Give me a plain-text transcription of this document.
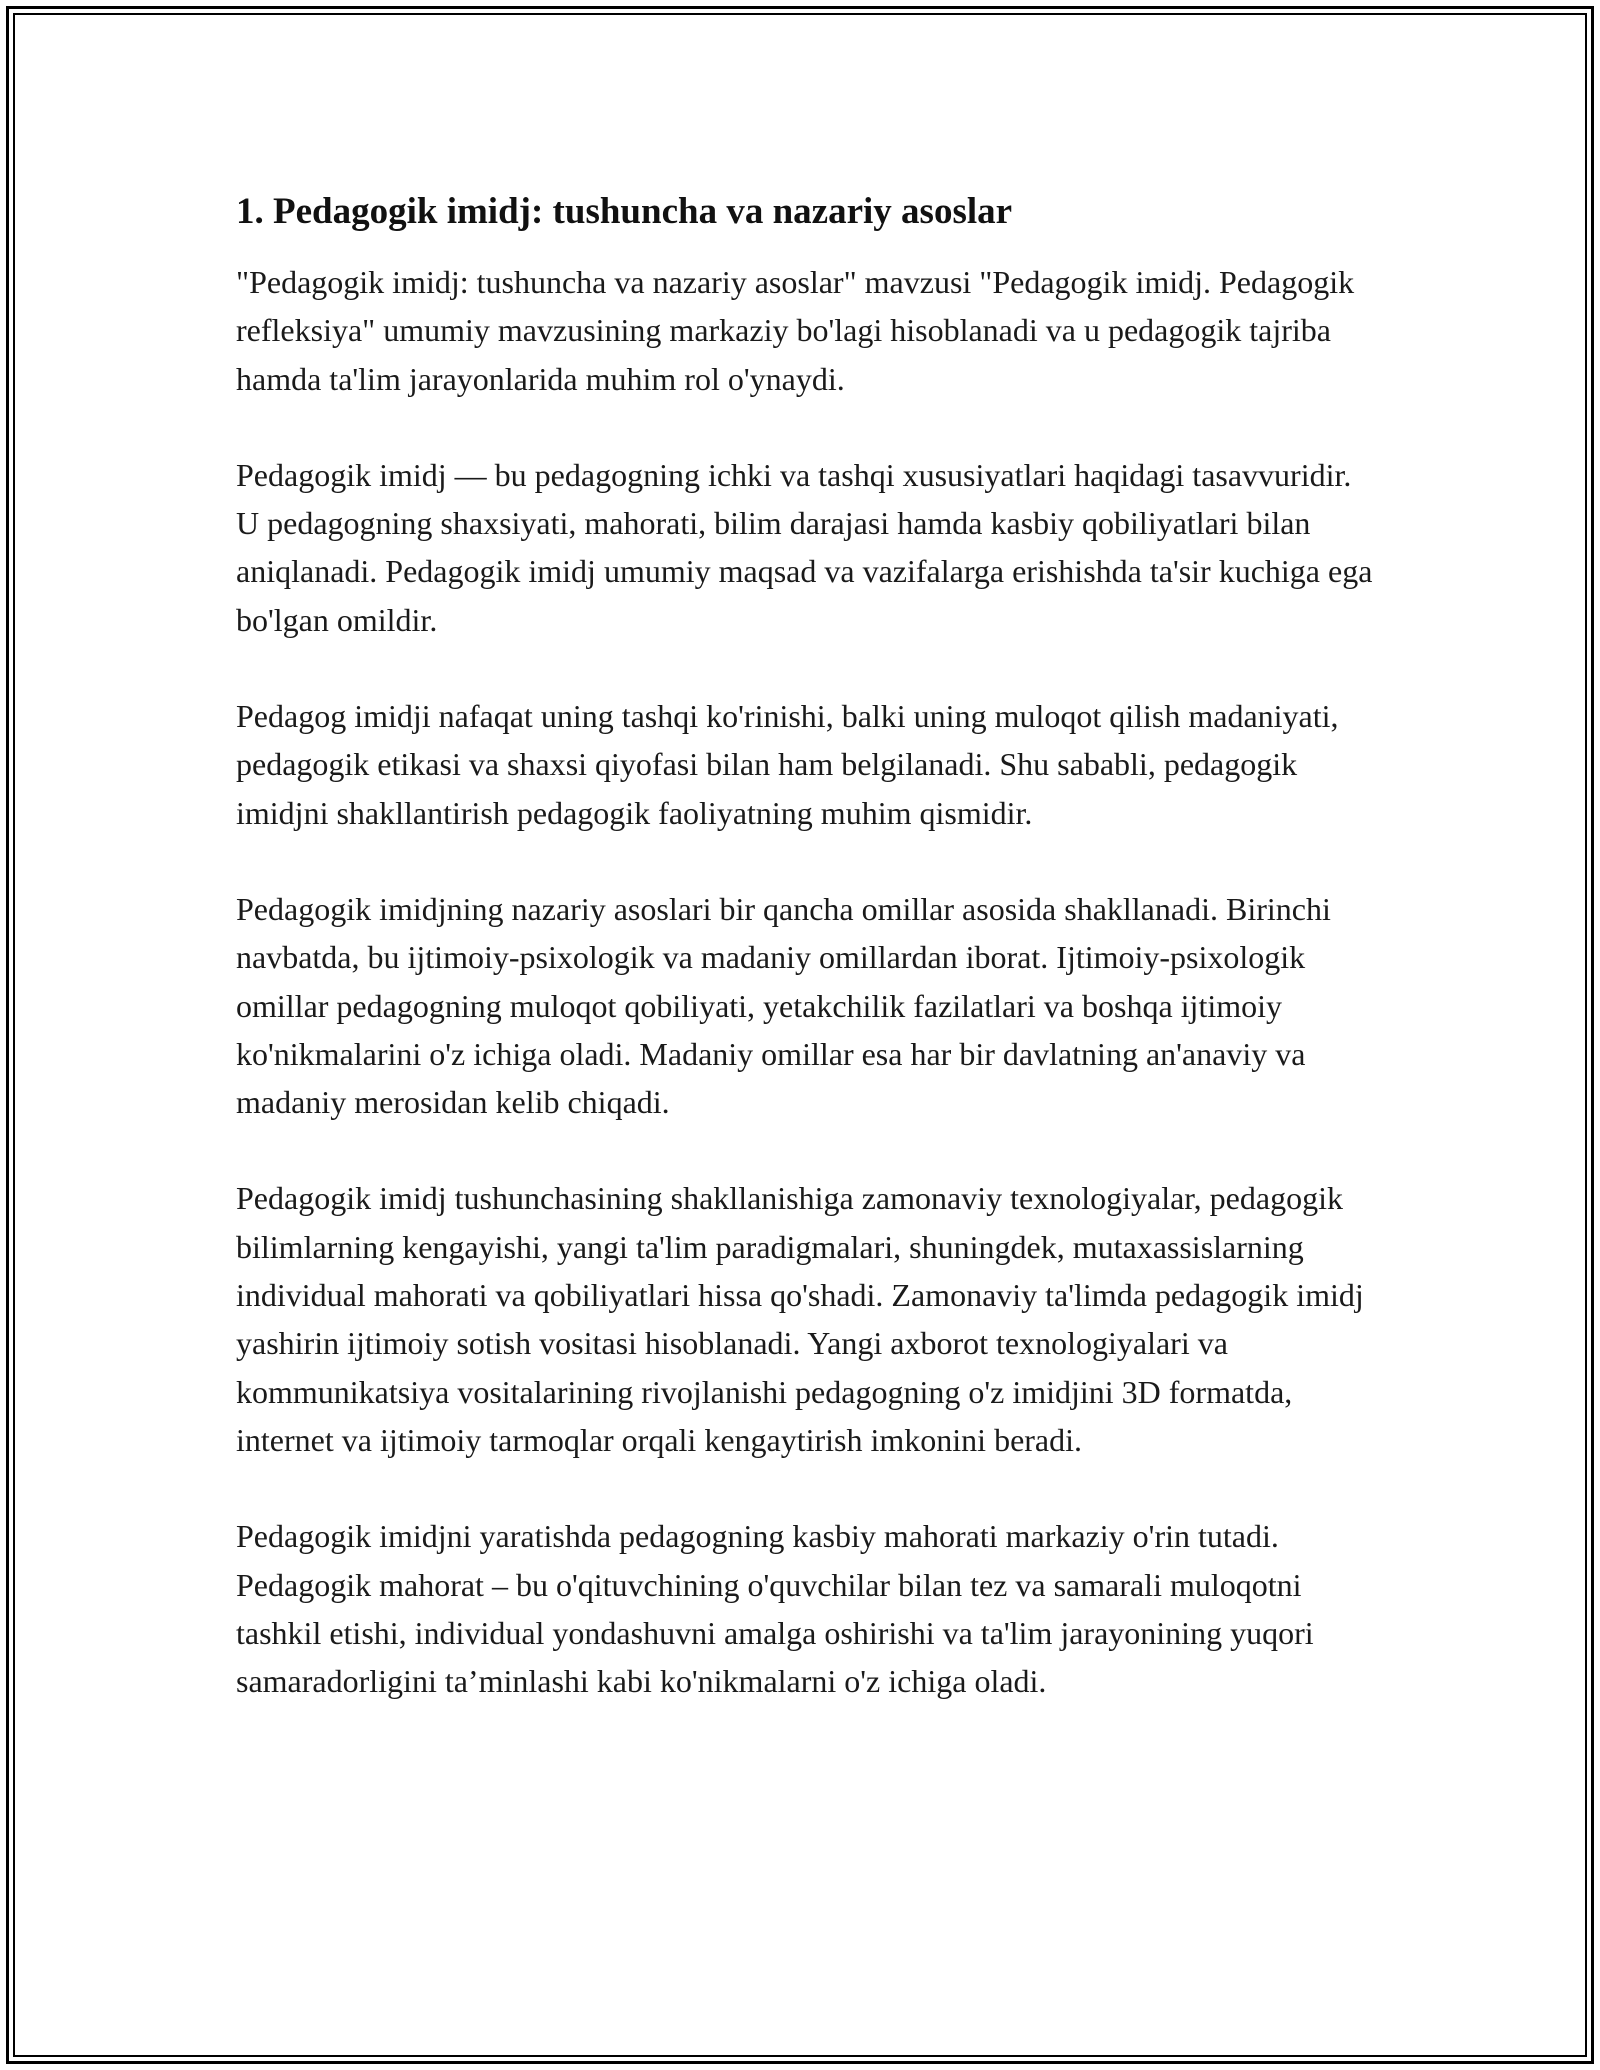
1. Pedagogik imidj: tushuncha va nazariy asoslar

"Pedagogik imidj: tushuncha va nazariy asoslar" mavzusi "Pedagogik imidj. Pedagogik refleksiya" umumiy mavzusining markaziy bo'lagi hisoblanadi va u pedagogik tajriba hamda ta'lim jarayonlarida muhim rol o'ynaydi.

Pedagogik imidj — bu pedagogning ichki va tashqi xususiyatlari haqidagi tasavvuridir. U pedagogning shaxsiyati, mahorati, bilim darajasi hamda kasbiy qobiliyatlari bilan aniqlanadi. Pedagogik imidj umumiy maqsad va vazifalarga erishishda ta'sir kuchiga ega bo'lgan omildir.

Pedagog imidji nafaqat uning tashqi ko'rinishi, balki uning muloqot qilish madaniyati, pedagogik etikasi va shaxsi qiyofasi bilan ham belgilanadi. Shu sababli, pedagogik imidjni shakllantirish pedagogik faoliyatning muhim qismidir.

Pedagogik imidjning nazariy asoslari bir qancha omillar asosida shakllanadi. Birinchi navbatda, bu ijtimoiy-psixologik va madaniy omillardan iborat. Ijtimoiy-psixologik omillar pedagogning muloqot qobiliyati, yetakchilik fazilatlari va boshqa ijtimoiy ko'nikmalarini o'z ichiga oladi. Madaniy omillar esa har bir davlatning an'anaviy va madaniy merosidan kelib chiqadi.

Pedagogik imidj tushunchasining shakllanishiga zamonaviy texnologiyalar, pedagogik bilimlarning kengayishi, yangi ta'lim paradigmalari, shuningdek, mutaxassislarning individual mahorati va qobiliyatlari hissa qo'shadi. Zamonaviy ta'limda pedagogik imidj yashirin ijtimoiy sotish vositasi hisoblanadi. Yangi axborot texnologiyalari va kommunikatsiya vositalarining rivojlanishi pedagogning o'z imidjini 3D formatda, internet va ijtimoiy tarmoqlar orqali kengaytirish imkonini beradi.

Pedagogik imidjni yaratishda pedagogning kasbiy mahorati markaziy o'rin tutadi. Pedagogik mahorat – bu o'qituvchining o'quvchilar bilan tez va samarali muloqotni tashkil etishi, individual yondashuvni amalga oshirishi va ta'lim jarayonining yuqori samaradorligini ta’minlashi kabi ko'nikmalarni o'z ichiga oladi.
